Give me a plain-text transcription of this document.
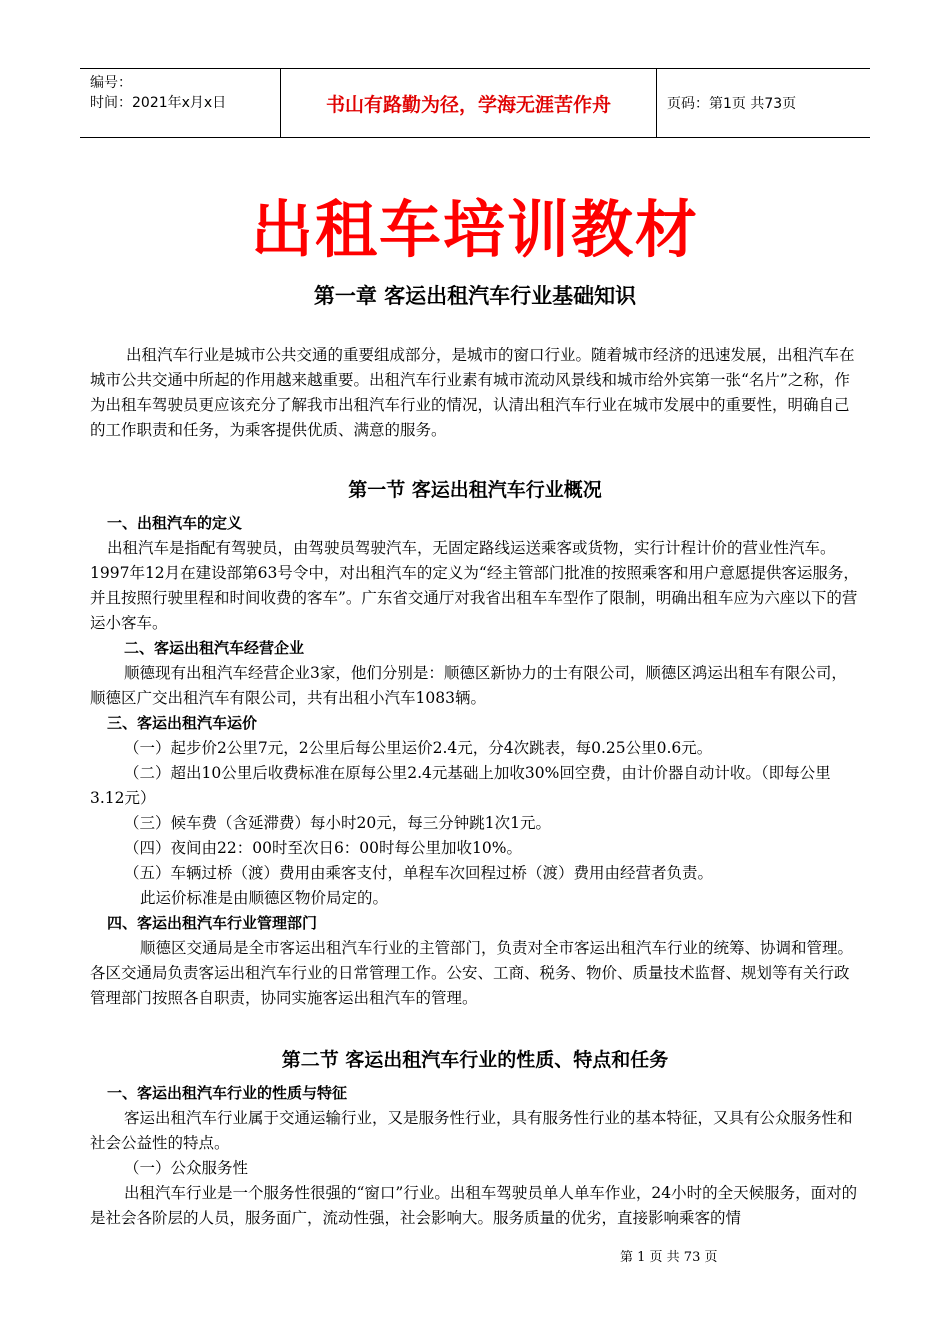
编号：
时间：2021年x月x日	书山有路勤为径，学海无涯苦作舟	页码：第1页 共73页
出租车培训教材
第一章 客运出租汽车行业基础知识
出租汽车行业是城市公共交通的重要组成部分，是城市的窗口行业。随着城市经济的迅速发展，出租汽车在城市公共交通中所起的作用越来越重要。出租汽车行业素有城市流动风景线和城市给外宾第一张“名片”之称，作为出租车驾驶员更应该充分了解我市出租汽车行业的情况，认清出租汽车行业在城市发展中的重要性，明确自己的工作职责和任务，为乘客提供优质、满意的服务。
第一节 客运出租汽车行业概况

一、出租汽车的定义

出租汽车是指配有驾驶员，由驾驶员驾驶汽车，无固定路线运送乘客或货物，实行计程计价的营业性汽车。1997年12月在建设部第63号令中，对出租汽车的定义为“经主管部门批准的按照乘客和用户意愿提供客运服务，并且按照行驶里程和时间收费的客车”。广东省交通厅对我省出租车车型作了限制，明确出租车应为六座以下的营运小客车。

二、客运出租汽车经营企业

顺德现有出租汽车经营企业3家，他们分别是：顺德区新协力的士有限公司，顺德区鸿运出租车有限公司，顺德区广交出租汽车有限公司，共有出租小汽车1083辆。

三、客运出租汽车运价

（一）起步价2公里7元，2公里后每公里运价2.4元，分4次跳表，每0.25公里0.6元。

（二）超出10公里后收费标准在原每公里2.4元基础上加收30%回空费，由计价器自动计收。（即每公里3.12元）

（三）候车费（含延滞费）每小时20元，每三分钟跳1次1元。

（四）夜间由22：00时至次日6：00时每公里加收10%。

（五）车辆过桥（渡）费用由乘客支付，单程车次回程过桥（渡）费用由经营者负责。

此运价标准是由顺德区物价局定的。

四、客运出租汽车行业管理部门

顺德区交通局是全市客运出租汽车行业的主管部门，负责对全市客运出租汽车行业的统筹、协调和管理。各区交通局负责客运出租汽车行业的日常管理工作。公安、工商、税务、物价、质量技术监督、规划等有关行政管理部门按照各自职责，协同实施客运出租汽车的管理。

第二节 客运出租汽车行业的性质、特点和任务

一、客运出租汽车行业的性质与特征

客运出租汽车行业属于交通运输行业，又是服务性行业，具有服务性行业的基本特征，又具有公众服务性和社会公益性的特点。

（一）公众服务性

出租汽车行业是一个服务性很强的“窗口”行业。出租车驾驶员单人单车作业，24小时的全天候服务，面对的是社会各阶层的人员，服务面广，流动性强，社会影响大。服务质量的优劣，直接影响乘客的情

第 1 页 共 73 页
